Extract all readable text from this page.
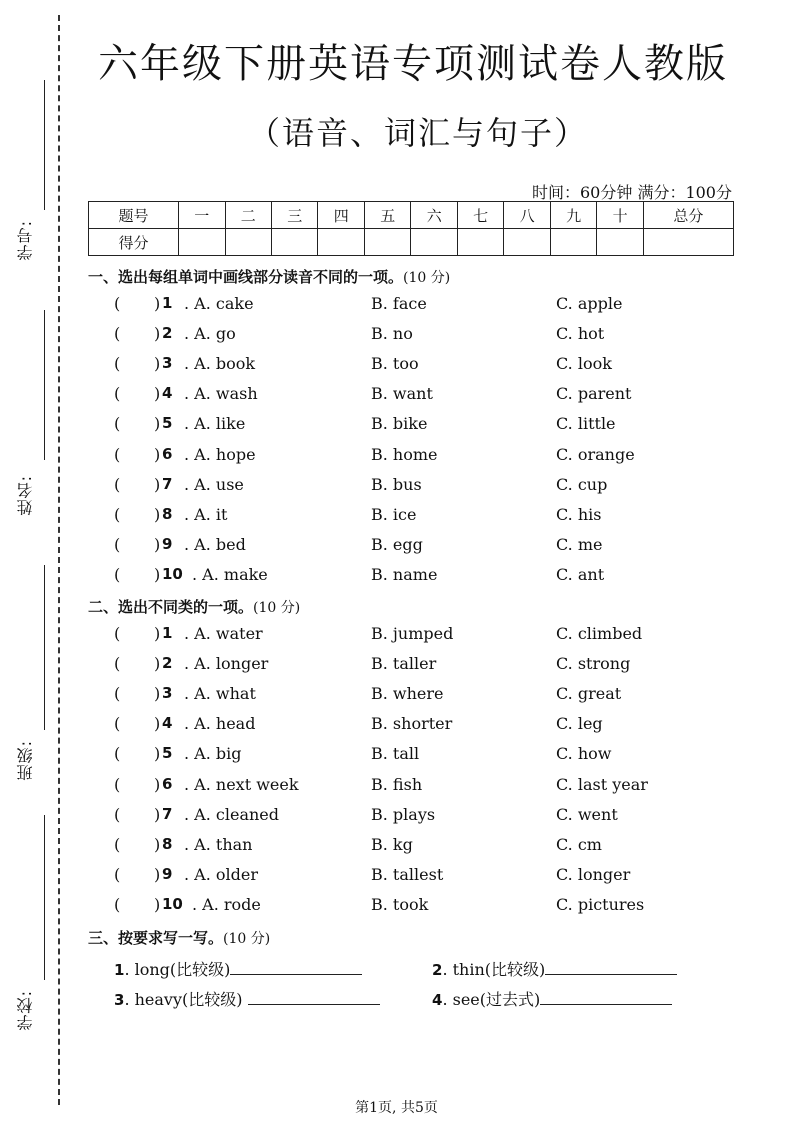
学号:
姓名:
班级:
学校:
六年级下册英语专项测试卷人教版
（语音、词汇与句子）
时间：60分钟 满分：100分
题号	一	二	三	四	五	六	七	八	九	十	总分
得分											
一、选出每组单词中画线部分读音不同的一项。(10 分)
( ) 1 . A. cake	B. face	C. apple
( ) 2 . A. go	B. no	C. hot
( ) 3 . A. book	B. too	C. look
( ) 4 . A. wash	B. want	C. parent
( ) 5 . A. like	B. bike	C. little
( ) 6 . A. hope	B. home	C. orange
( ) 7 . A. use	B. bus	C. cup
( ) 8 . A. it	B. ice	C. his
( ) 9 . A. bed	B. egg	C. me
( ) 10 . A. make	B. name	C. ant
二、选出不同类的一项。(10 分)
( ) 1 . A. water	B. jumped	C. climbed
( ) 2 . A. longer	B. taller	C. strong
( ) 3 . A. what	B. where	C. great
( ) 4 . A. head	B. shorter	C. leg
( ) 5 . A. big	B. tall	C. how
( ) 6 . A. next week	B. fish	C. last year
( ) 7 . A. cleaned	B. plays	C. went
( ) 8 . A. than	B. kg	C. cm
( ) 9 . A. older	B. tallest	C. longer
( ) 10 . A. rode	B. took	C. pictures
三、按要求写一写。(10 分)
1. long(比较级)	2. thin(比较级)
3. heavy(比较级)	4. see(过去式)
第1页, 共5页
